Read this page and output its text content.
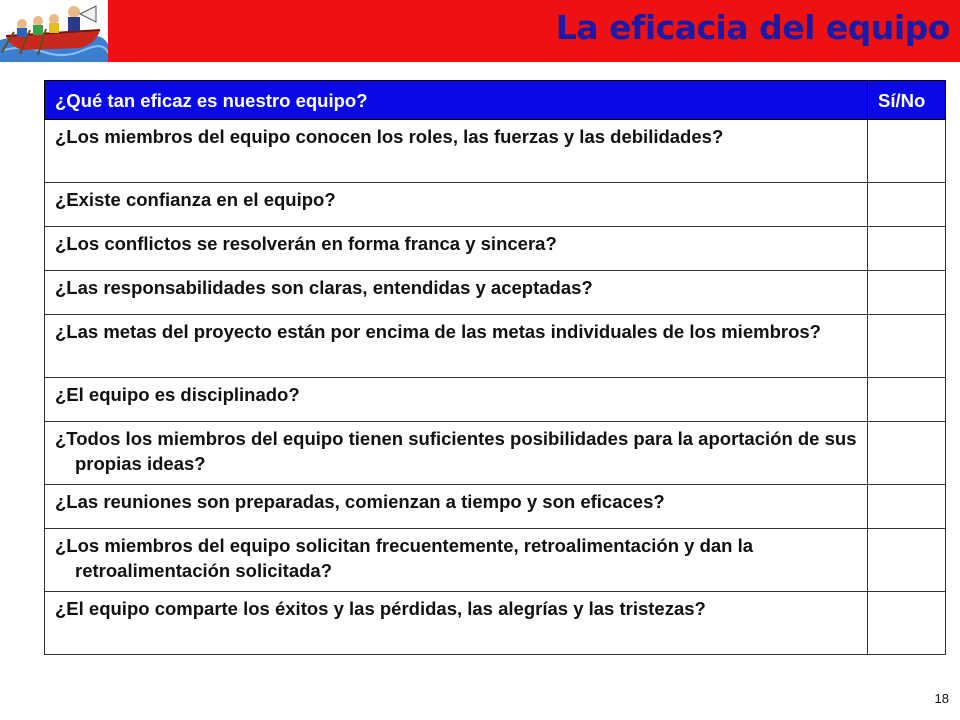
La eficacia del equipo
¿Qué tan eficaz es nuestro equipo?	Sí/No

¿Los miembros del equipo conocen los roles, las fuerzas y las debilidades?	

¿Existe confianza en el equipo?	

¿Los conflictos se resolverán en forma franca y sincera?	

¿Las responsabilidades son claras, entendidas y aceptadas?	

¿Las metas del proyecto están por encima de las metas individuales de los miembros?	

¿El equipo es disciplinado?	

¿Todos los miembros del equipo tienen suficientes posibilidades para la aportación de sus propias ideas?	

¿Las reuniones son preparadas, comienzan a tiempo y son eficaces?	

¿Los miembros del equipo solicitan frecuentemente, retroalimentación y dan la retroalimentación solicitada?	

¿El equipo comparte los éxitos y las pérdidas, las alegrías y las tristezas?	

18
